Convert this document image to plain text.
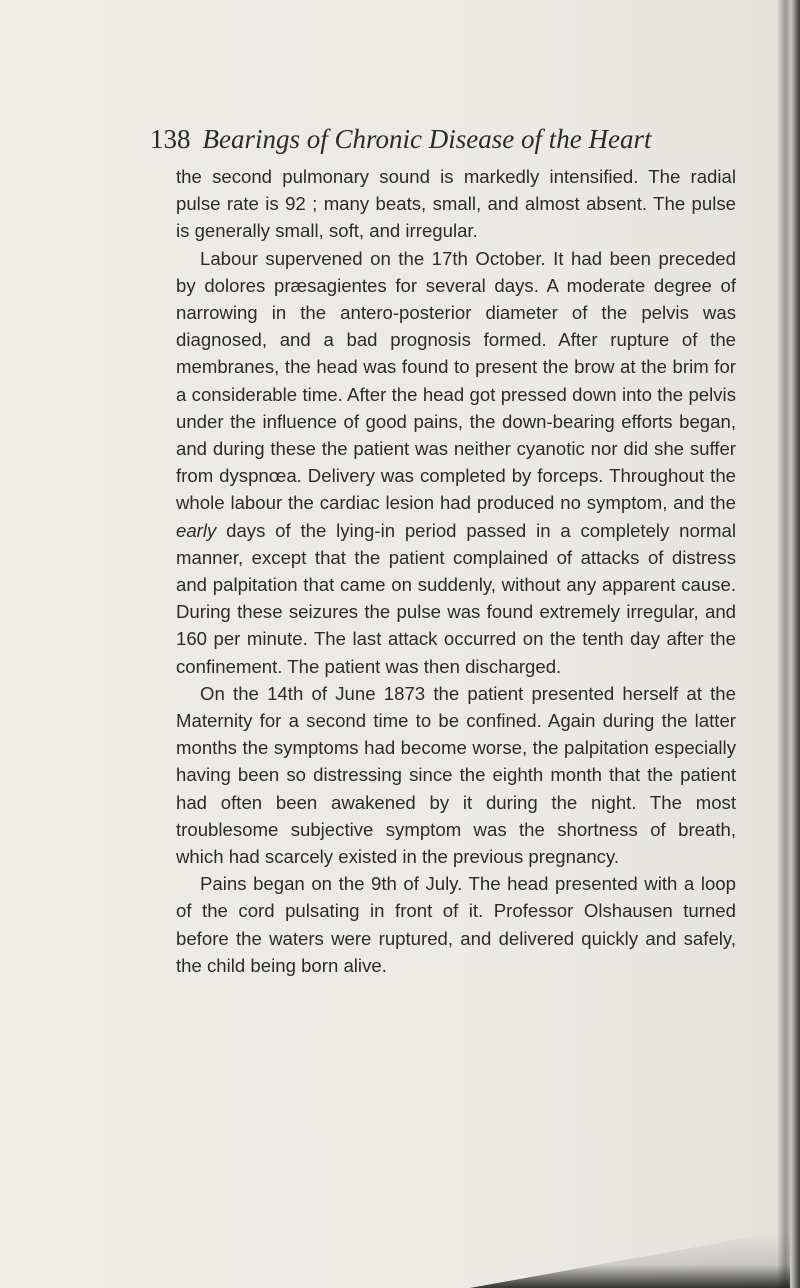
138 Bearings of Chronic Disease of the Heart

the second pulmonary sound is markedly intensified. The radial pulse rate is 92 ; many beats, small, and almost absent. The pulse is generally small, soft, and irregular.

Labour supervened on the 17th October. It had been preceded by dolores præsagientes for several days. A moderate degree of narrowing in the antero-posterior diameter of the pelvis was diagnosed, and a bad prognosis formed. After rupture of the membranes, the head was found to present the brow at the brim for a considerable time. After the head got pressed down into the pelvis under the influence of good pains, the down-bearing efforts began, and during these the patient was neither cyanotic nor did she suffer from dyspnœa. Delivery was completed by forceps. Throughout the whole labour the cardiac lesion had produced no symptom, and the early days of the lying-in period passed in a completely normal manner, except that the patient complained of attacks of distress and palpitation that came on suddenly, without any apparent cause. During these seizures the pulse was found extremely irregular, and 160 per minute. The last attack occurred on the tenth day after the confinement. The patient was then discharged.

On the 14th of June 1873 the patient presented herself at the Maternity for a second time to be confined. Again during the latter months the symptoms had become worse, the palpitation especially having been so distressing since the eighth month that the patient had often been awakened by it during the night. The most troublesome subjective symptom was the shortness of breath, which had scarcely existed in the previous pregnancy.

Pains began on the 9th of July. The head presented with a loop of the cord pulsating in front of it. Professor Olshausen turned before the waters were ruptured, and delivered quickly and safely, the child being born alive.
